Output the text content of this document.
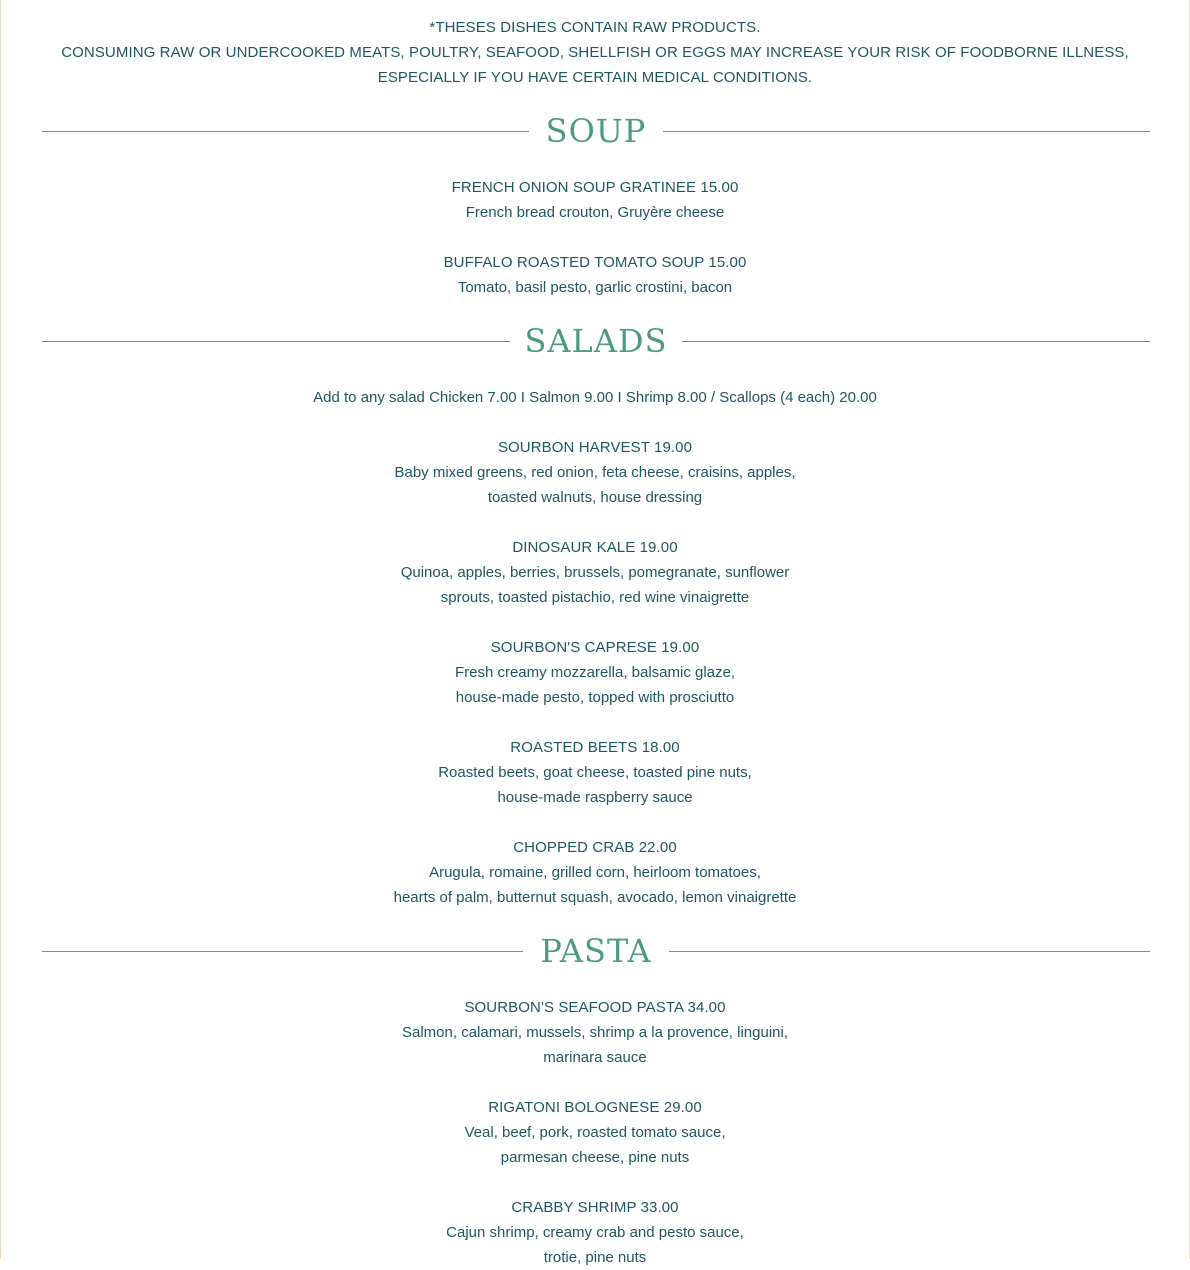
*THESES DISHES CONTAIN RAW PRODUCTS.
CONSUMING RAW OR UNDERCOOKED MEATS, POULTRY, SEAFOOD, SHELLFISH OR EGGS MAY INCREASE YOUR RISK OF FOODBORNE ILLNESS,
ESPECIALLY IF YOU HAVE CERTAIN MEDICAL CONDITIONS.
SOUP
FRENCH ONION SOUP GRATINEE 15.00
French bread crouton, Gruyère cheese
BUFFALO ROASTED TOMATO SOUP 15.00
Tomato, basil pesto, garlic crostini, bacon
SALADS
Add to any salad Chicken 7.00 I Salmon 9.00 I Shrimp 8.00 / Scallops (4 each) 20.00
SOURBON HARVEST 19.00
Baby mixed greens, red onion, feta cheese, craisins, apples,
toasted walnuts, house dressing
DINOSAUR KALE 19.00
Quinoa, apples, berries, brussels, pomegranate, sunflower
sprouts, toasted pistachio, red wine vinaigrette
SOURBON'S CAPRESE 19.00
Fresh creamy mozzarella, balsamic glaze,
house-made pesto, topped with prosciutto
ROASTED BEETS 18.00
Roasted beets, goat cheese, toasted pine nuts,
house-made raspberry sauce
CHOPPED CRAB 22.00
Arugula, romaine, grilled corn, heirloom tomatoes,
hearts of palm, butternut squash, avocado, lemon vinaigrette
PASTA
SOURBON'S SEAFOOD PASTA 34.00
Salmon, calamari, mussels, shrimp a la provence, linguini,
marinara sauce
RIGATONI BOLOGNESE 29.00
Veal, beef, pork, roasted tomato sauce,
parmesan cheese, pine nuts
CRABBY SHRIMP 33.00
Cajun shrimp, creamy crab and pesto sauce,
trotie, pine nuts
